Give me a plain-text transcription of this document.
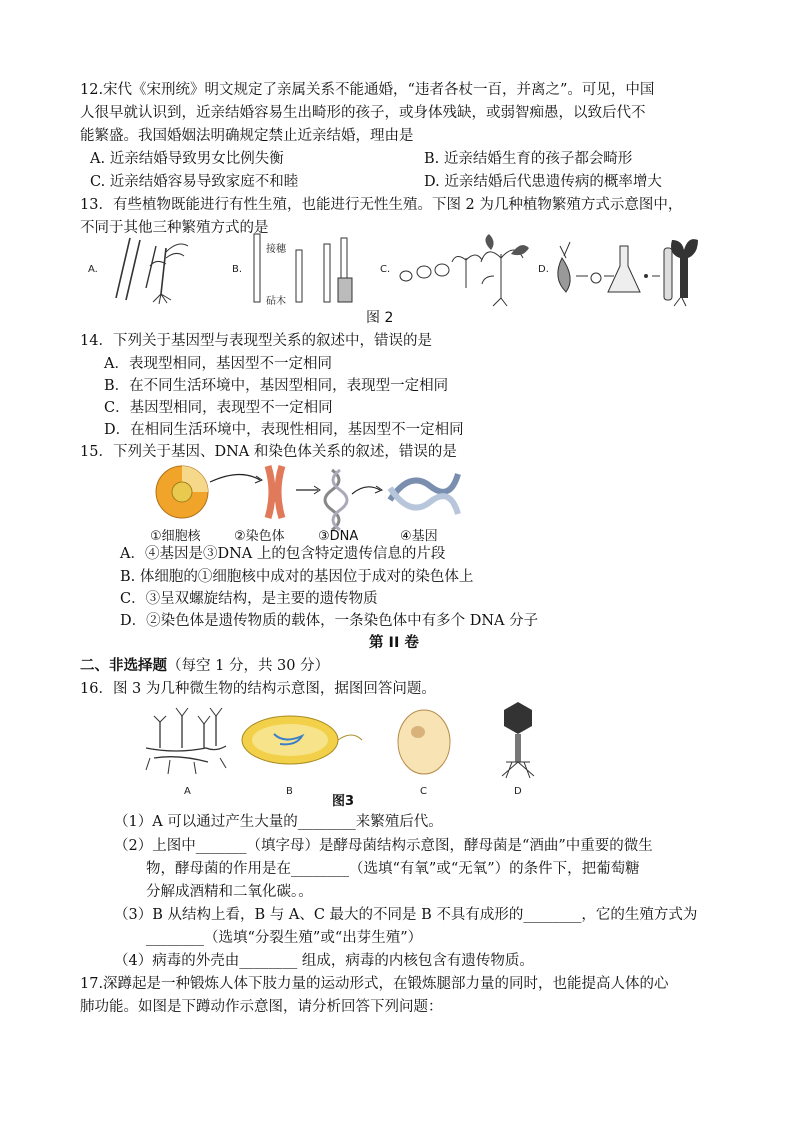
12.宋代《宋刑统》明文规定了亲属关系不能通婚，“违者各杖一百，并离之”。可见，中国
人很早就认识到，近亲结婚容易生出畸形的孩子，或身体残缺，或弱智痴愚，以致后代不
能繁盛。我国婚姻法明确规定禁止近亲结婚，理由是
A. 近亲结婚导致男女比例失衡	B. 近亲结婚生育的孩子都会畸形
C. 近亲结婚容易导致家庭不和睦	D. 近亲结婚后代患遗传病的概率增大
13．有些植物既能进行有性生殖，也能进行无性生殖。下图 2 为几种植物繁殖方式示意图中，
不同于其他三种繁殖方式的是
A.	B.
接穗
砧木
C.	D.
图 2
14．下列关于基因型与表现型关系的叙述中，错误的是
A．表现型相同，基因型不一定相同
B．在不同生活环境中，基因型相同，表现型一定相同
C．基因型相同，表现型不一定相同
D．在相同生活环境中，表现性相同，基因型不一定相同
15．下列关于基因、DNA 和染色体关系的叙述，错误的是
①细胞核	②染色体	③DNA	④基因
A．④基因是③DNA 上的包含特定遗传信息的片段
B. 体细胞的①细胞核中成对的基因位于成对的染色体上
C．③呈双螺旋结构，是主要的遗传物质
D．②染色体是遗传物质的载体，一条染色体中有多个 DNA 分子
第 II 卷
二、非选择题（每空 1 分，共 30 分）
16．图 3 为几种微生物的结构示意图，据图回答问题。
A	B	C	D
图3
（1）A 可以通过产生大量的________来繁殖后代。
（2）上图中_______（填字母）是酵母菌结构示意图，酵母菌是“酒曲”中重要的微生
物，酵母菌的作用是在________（选填“有氧”或“无氧”）的条件下，把葡萄糖
分解成酒精和二氧化碳。。
（3）B 从结构上看，B 与 A、C 最大的不同是 B 不具有成形的________，它的生殖方式为
________（选填“分裂生殖”或“出芽生殖”）
（4）病毒的外壳由________ 组成，病毒的内核包含有遗传物质。
17.深蹲起是一种锻炼人体下肢力量的运动形式，在锻炼腿部力量的同时，也能提高人体的心
肺功能。如图是下蹲动作示意图，请分析回答下列问题：
